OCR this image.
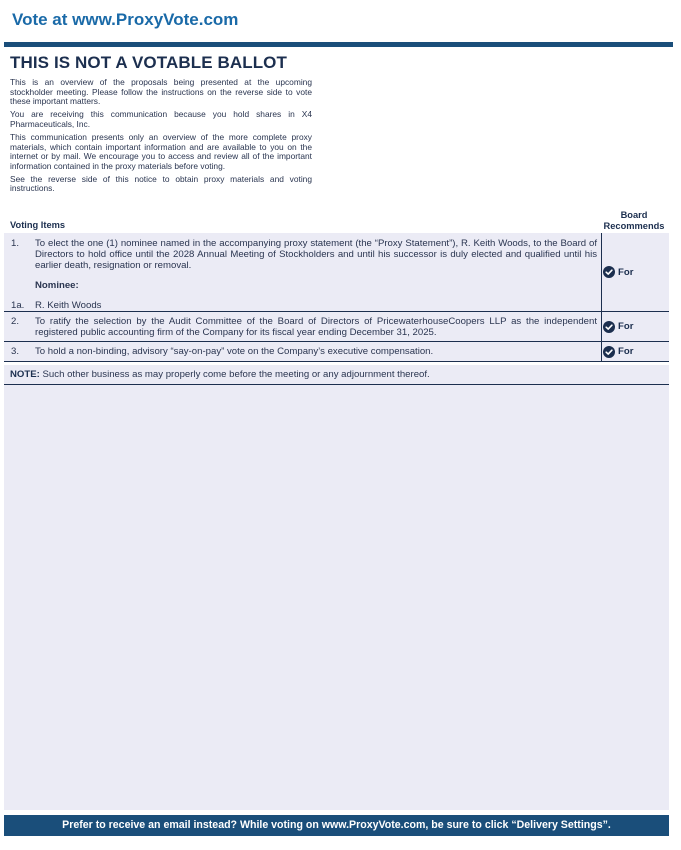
Vote at www.ProxyVote.com
THIS IS NOT A VOTABLE BALLOT

This is an overview of the proposals being presented at the upcoming stockholder meeting. Please follow the instructions on the reverse side to vote these important matters.

You are receiving this communication because you hold shares in X4 Pharmaceuticals, Inc.

This communication presents only an overview of the more complete proxy materials, which contain important information and are available to you on the internet or by mail. We encourage you to access and review all of the important information contained in the proxy materials before voting.

See the reverse side of this notice to obtain proxy materials and voting instructions.

Voting Items
Board Recommends
1. To elect the one (1) nominee named in the accompanying proxy statement (the “Proxy Statement”), R. Keith Woods, to the Board of Directors to hold office until the 2028 Annual Meeting of Stockholders and until his successor is duly elected and qualified until his earlier death, resignation or removal.
Nominee:
1a. R. Keith Woods
For
2. To ratify the selection by the Audit Committee of the Board of Directors of PricewaterhouseCoopers LLP as the independent registered public accounting firm of the Company for its fiscal year ending December 31, 2025.
For
3. To hold a non-binding, advisory “say-on-pay” vote on the Company’s executive compensation.	For
NOTE: Such other business as may properly come before the meeting or any adjournment thereof.
Prefer to receive an email instead? While voting on www.ProxyVote.com, be sure to click “Delivery Settings”.
